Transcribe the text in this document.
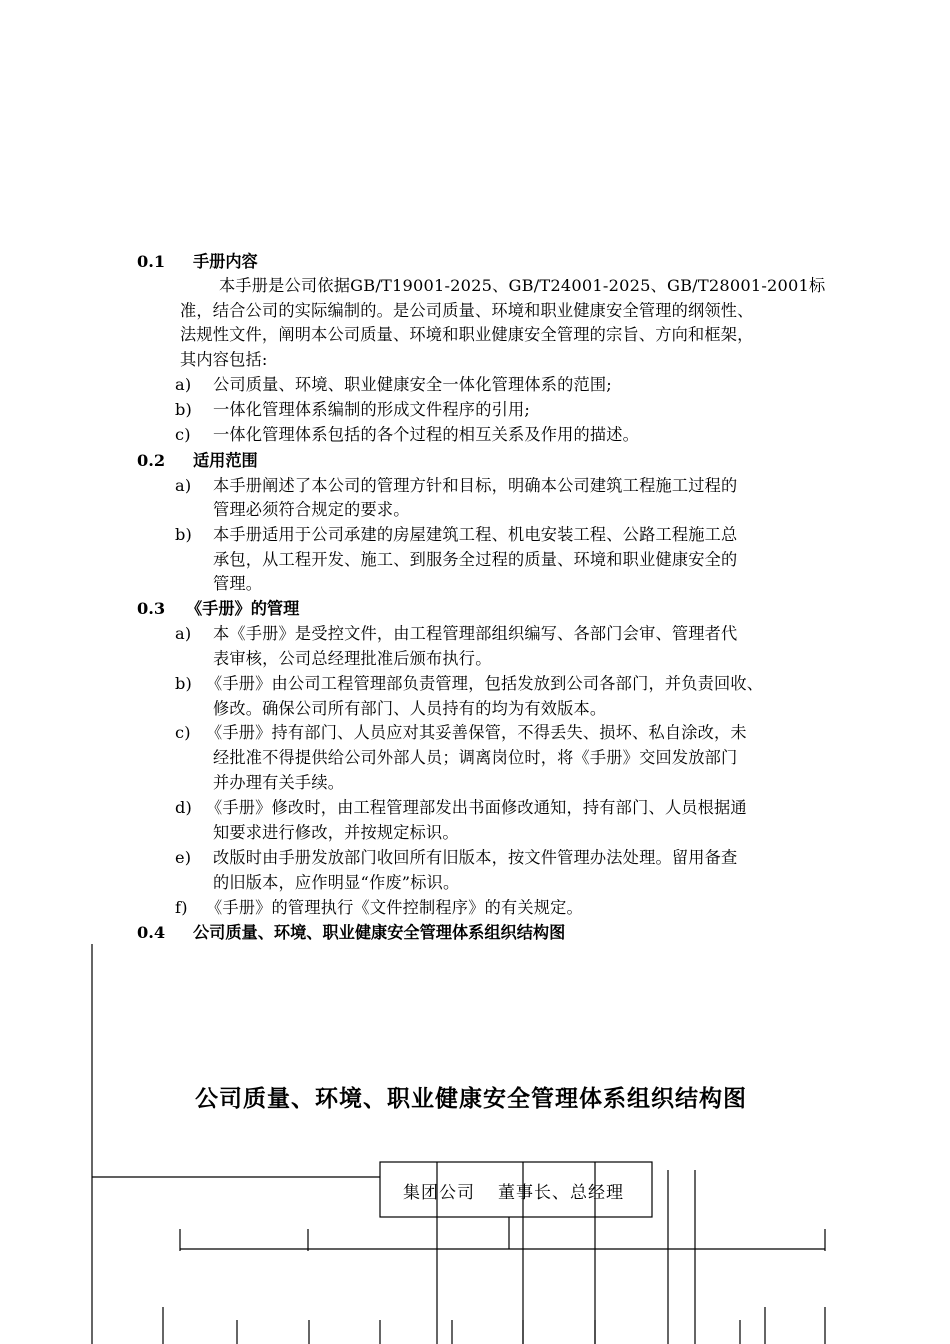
0.1 手册内容
本手册是公司依据GB/T19001-2025、GB/T24001-2025、GB/T28001-2001标
准，结合公司的实际编制的。是公司质量、环境和职业健康安全管理的纲领性、
法规性文件，阐明本公司质量、环境和职业健康安全管理的宗旨、方向和框架，
其内容包括:
a) 公司质量、环境、职业健康安全一体化管理体系的范围;
b) 一体化管理体系编制的形成文件程序的引用;
c) 一体化管理体系包括的各个过程的相互关系及作用的描述。
0.2 适用范围
a) 本手册阐述了本公司的管理方针和目标，明确本公司建筑工程施工过程的
管理必须符合规定的要求。
b) 本手册适用于公司承建的房屋建筑工程、机电安装工程、公路工程施工总
承包，从工程开发、施工、到服务全过程的质量、环境和职业健康安全的
管理。
0.3 《手册》的管理
a) 本《手册》是受控文件，由工程管理部组织编写、各部门会审、管理者代
表审核，公司总经理批准后颁布执行。
b) 《手册》由公司工程管理部负责管理，包括发放到公司各部门，并负责回收、
修改。确保公司所有部门、人员持有的均为有效版本。
c) 《手册》持有部门、人员应对其妥善保管，不得丢失、损坏、私自涂改，未
经批准不得提供给公司外部人员；调离岗位时，将《手册》交回发放部门
并办理有关手续。
d) 《手册》修改时，由工程管理部发出书面修改通知，持有部门、人员根据通
知要求进行修改，并按规定标识。
e) 改版时由手册发放部门收回所有旧版本，按文件管理办法处理。留用备查
的旧版本，应作明显“作废”标识。
f) 《手册》的管理执行《文件控制程序》的有关规定。
0.4 公司质量、环境、职业健康安全管理体系组织结构图
公司质量、环境、职业健康安全管理体系组织结构图
集团公司 董事长、总经理
